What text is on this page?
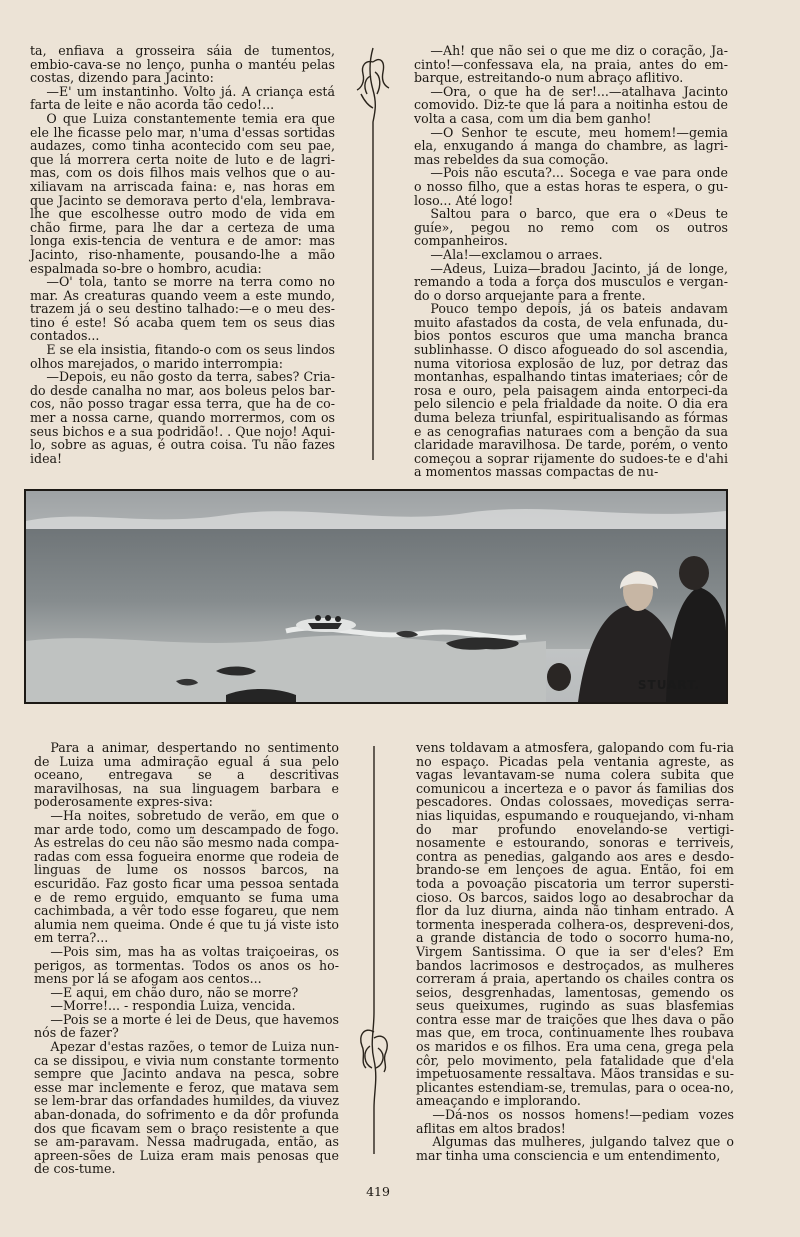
ta, enfiava a grosseira sáia de tumentos, embio-cava-se no lenço, punha o mantéu pelas costas, dizendo para Jacinto:

—E' um instantinho. Volto já. A criança está farta de leite e não acorda tão cedo!...

O que Luiza constantemente temia era que ele lhe ficasse pelo mar, n'uma d'essas sortidas audazes, como tinha acontecido com seu pae, que lá morrera certa noite de luto e de lagri-mas, com os dois filhos mais velhos que o au-xiliavam na arriscada faina: e, nas horas em que Jacinto se demorava perto d'ela, lembrava-lhe que escolhesse outro modo de vida em chão firme, para lhe dar a certeza de uma longa exis-tencia de ventura e de amor: mas Jacinto, riso-nhamente, pousando-lhe a mão espalmada so-bre o hombro, acudia:

—O' tola, tanto se morre na terra como no mar. As creaturas quando veem a este mundo, trazem já o seu destino talhado:—e o meu des-tino é este! Só acaba quem tem os seus dias contados...

E se ela insistia, fitando-o com os seus lindos olhos marejados, o marido interrompia:

—Depois, eu não gosto da terra, sabes? Cria-do desde canalha no mar, aos boleus pelos bar-cos, não posso tragar essa terra, que ha de co-mer a nossa carne, quando morrermos, com os seus bichos e a sua podridão!. . Que nojo! Aqui-lo, sobre as aguas, é outra coisa. Tu não fazes idea!

—Ah! que não sei o que me diz o coração, Ja-cinto!—confessava ela, na praia, antes do em-barque, estreitando-o num abraço aflitivo.

—Ora, o que ha de ser!...—atalhava Jacinto comovido. Diz-te que lá para a noitinha estou de volta a casa, com um dia bem ganho!

—O Senhor te escute, meu homem!—gemia ela, enxugando á manga do chambre, as lagri-mas rebeldes da sua comoção.

—Pois não escuta?... Socega e vae para onde o nosso filho, que a estas horas te espera, o gu-loso... Até logo!

Saltou para o barco, que era o «Deus te guíe», pegou no remo com os outros companheiros.

—Ala!—exclamou o arraes.

—Adeus, Luiza—bradou Jacinto, já de longe, remando a toda a força dos musculos e vergan-do o dorso arquejante para a frente.

Pouco tempo depois, já os bateis andavam muito afastados da costa, de vela enfunada, du-bios pontos escuros que uma mancha branca sublinhasse. O disco afogueado do sol ascendia, numa vitoriosa explosão de luz, por detraz das montanhas, espalhando tintas imateriaes; côr de rosa e ouro, pela paisagem ainda entorpeci-da pelo silencio e pela frialdade da noite. O dia era duma beleza triunfal, espiritualisando as fórmas e as cenografias naturaes com a benção da sua claridade maravilhosa. De tarde, porém, o vento começou a soprar rijamente do sudoes-te e d'ahi a momentos massas compactas de nu-

STUART.

Para a animar, despertando no sentimento de Luiza uma admiração egual á sua pelo oceano, entregava se a descritivas maravilhosas, na sua linguagem barbara e poderosamente expres-siva:

—Ha noites, sobretudo de verão, em que o mar arde todo, como um descampado de fogo. As estrelas do ceu não são mesmo nada compa-radas com essa fogueira enorme que rodeia de linguas de lume os nossos barcos, na escuridão. Faz gosto ficar uma pessoa sentada e de remo erguido, emquanto se fuma uma cachimbada, a vêr todo esse fogareu, que nem alumia nem queima. Onde é que tu já viste isto em terra?...

—Pois sim, mas ha as voltas traiçoeiras, os perigos, as tormentas. Todos os anos os ho-mens por lá se afogam aos centos...

—E aqui, em chão duro, não se morre?

—Morre!... - respondia Luiza, vencida.

—Pois se a morte é lei de Deus, que havemos nós de fazer?

Apezar d'estas razões, o temor de Luiza nun-ca se dissipou, e vivia num constante tormento sempre que Jacinto andava na pesca, sobre esse mar inclemente e feroz, que matava sem se lem-brar das orfandades humildes, da viuvez aban-donada, do sofrimento e da dôr profunda dos que ficavam sem o braço resistente a que se am-paravam. Nessa madrugada, então, as apreen-sões de Luiza eram mais penosas que de cos-tume.

vens toldavam a atmosfera, galopando com fu-ria no espaço. Picadas pela ventania agreste, as vagas levantavam-se numa colera subita que comunicou a incerteza e o pavor ás familias dos pescadores. Ondas colossaes, movediças serra-nias liquidas, espumando e rouquejando, vi-nham do mar profundo enovelando-se vertigi-nosamente e estourando, sonoras e terriveis, contra as penedias, galgando aos ares e desdo-brando-se em lençoes de agua. Então, foi em toda a povoação piscatoria um terror supersti-cioso. Os barcos, saidos logo ao desabrochar da flor da luz diurna, ainda não tinham entrado. A tormenta inesperada colhera-os, despreveni-dos, a grande distancia de todo o socorro huma-no, Virgem Santissima. O que ia ser d'eles? Em bandos lacrimosos e destroçados, as mulheres correram á praia, apertando os chailes contra os seios, desgrenhadas, lamentosas, gemendo os seus queixumes, rugindo as suas blasfemias contra esse mar de traições que lhes dava o pão mas que, em troca, continuamente lhes roubava os maridos e os filhos. Era uma cena, grega pela côr, pelo movimento, pela fatalidade que d'ela impetuosamente ressaltava. Mãos transidas e su-plicantes estendiam-se, tremulas, para o ocea-no, ameaçando e implorando.

—Dá-nos os nossos homens!—pediam vozes aflitas em altos brados!

Algumas das mulheres, julgando talvez que o mar tinha uma consciencia e um entendimento,

419
